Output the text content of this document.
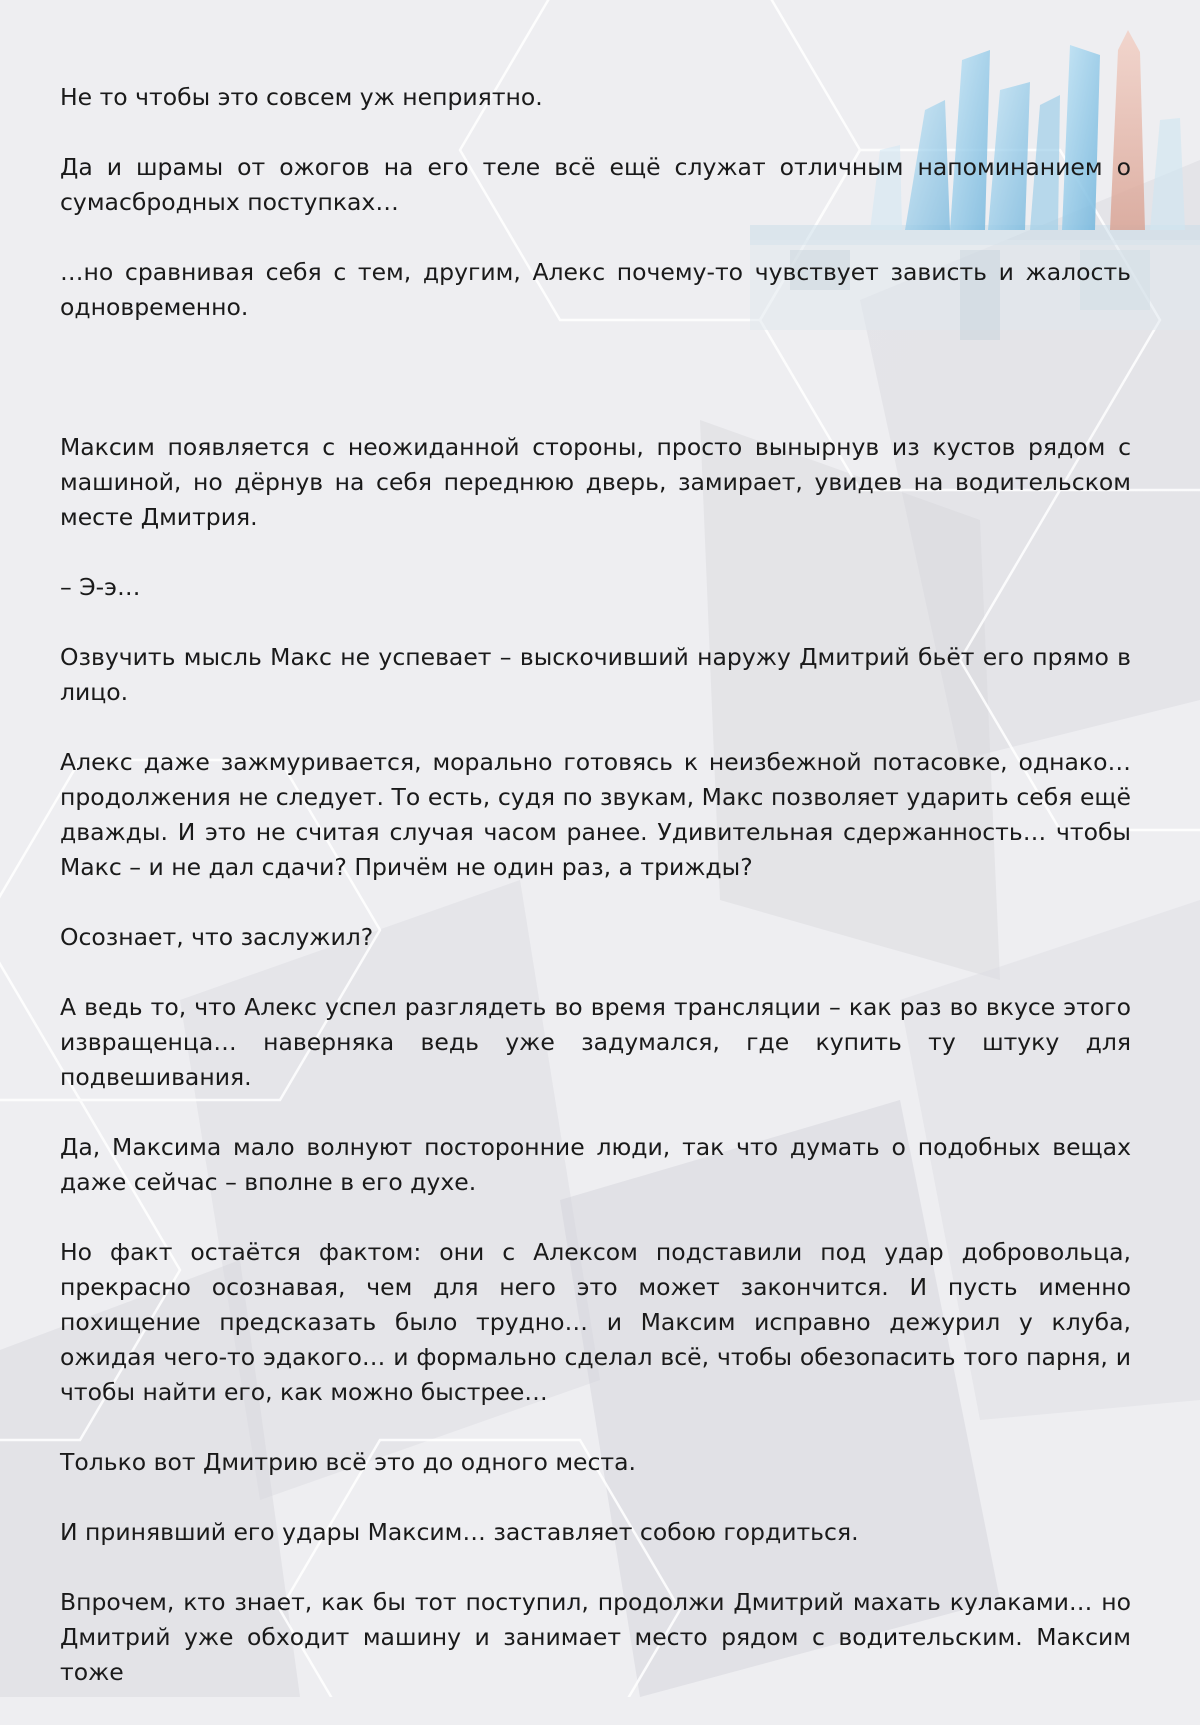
Не то чтобы это совсем уж неприятно.

Да и шрамы от ожогов на его теле всё ещё служат отличным напоминанием о сумасбродных поступках…

…но сравнивая себя с тем, другим, Алекс почему-то чувствует зависть и жалость одновременно.

Максим появляется с неожиданной стороны, просто вынырнув из кустов рядом с машиной, но дёрнув на себя переднюю дверь, замирает, увидев на водительском месте Дмитрия.

– Э-э…

Озвучить мысль Макс не успевает – выскочивший наружу Дмитрий бьёт его прямо в лицо.

Алекс даже зажмуривается, морально готовясь к неизбежной потасовке, однако… продолжения не следует. То есть, судя по звукам, Макс позволяет ударить себя ещё дважды. И это не считая случая часом ранее. Удивительная сдержанность… чтобы Макс – и не дал сдачи? Причём не один раз, а трижды?

Осознает, что заслужил?

А ведь то, что Алекс успел разглядеть во время трансляции – как раз во вкусе этого извращенца… наверняка ведь уже задумался, где купить ту штуку для подвешивания.

Да, Максима мало волнуют посторонние люди, так что думать о подобных вещах даже сейчас – вполне в его духе.

Но факт остаётся фактом: они с Алексом подставили под удар добровольца, прекрасно осознавая, чем для него это может закончится. И пусть именно похищение предсказать было трудно… и Максим исправно дежурил у клуба, ожидая чего-то эдакого… и формально сделал всё, чтобы обезопасить того парня, и чтобы найти его, как можно быстрее…

Только вот Дмитрию всё это до одного места.

И принявший его удары Максим… заставляет собою гордиться.

Впрочем, кто знает, как бы тот поступил, продолжи Дмитрий махать кулаками… но Дмитрий уже обходит машину и занимает место рядом с водительским. Максим тоже
